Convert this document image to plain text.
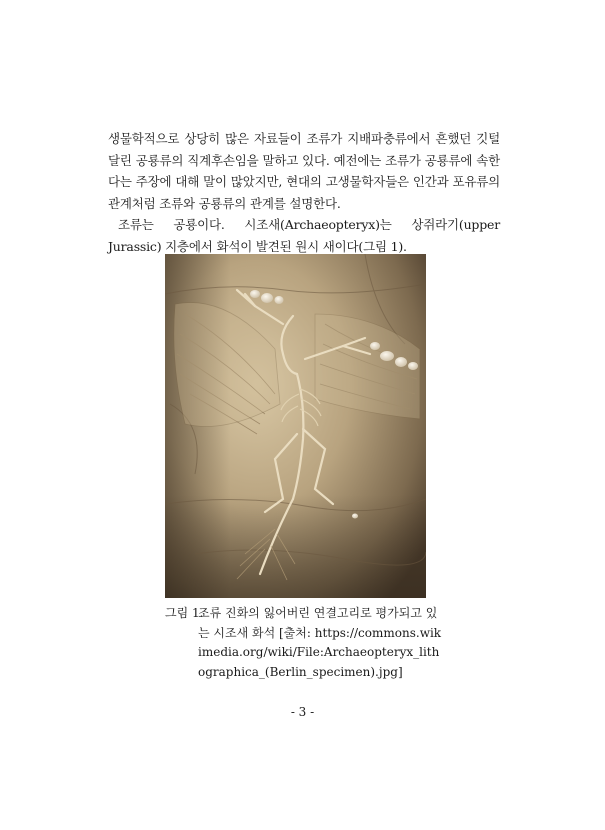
생물학적으로 상당히 많은 자료들이 조류가 지배파충류에서 흔했던 깃털 달린 공룡류의 직계후손임을 말하고 있다. 예전에는 조류가 공룡류에 속한다는 주장에 대해 말이 많았지만, 현대의 고생물학자들은 인간과 포유류의 관계처럼 조류와 공룡류의 관계를 설명한다.

조류는 공룡이다. 시조새(Archaeopteryx)는 상쥐라기(upper Jurassic) 지층에서 화석이 발견된 원시 새이다(그림 1).

그림 1.

조류 진화의 잃어버린 연결고리로 평가되고 있는 시조새 화석 [출처: https://commons.wikimedia.org/wiki/File:Archaeopteryx_lithographica_(Berlin_specimen).jpg]

- 3 -
